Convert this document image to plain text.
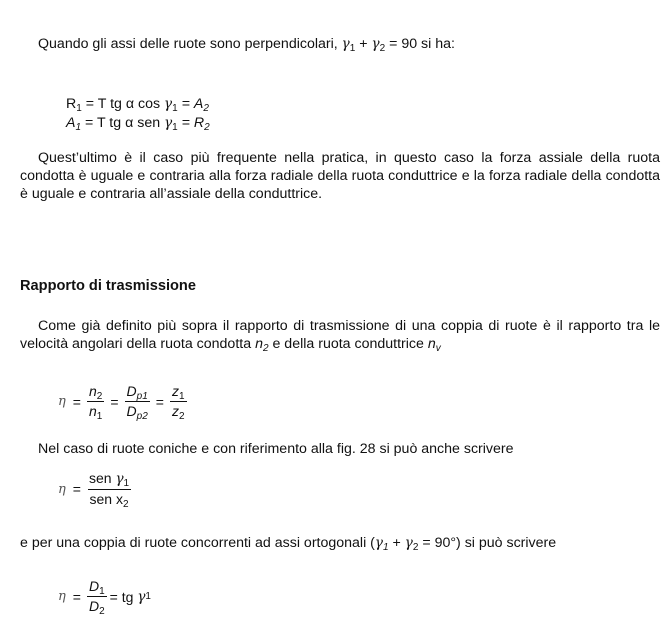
Quando gli assi delle ruote sono perpendicolari, $\gamma_1 + \gamma_2 = 90$ si ha:
$R_1 = T$ tg α $\cos \gamma_1 = A_2$
$A_1 = T$ tg α sen $\gamma_1 = R_2$
Quest’ultimo è il caso più frequente nella pratica, in questo caso la forza assiale della ruota condotta è uguale e contraria alla forza radiale della ruota conduttrice e la forza radiale della condotta è uguale e contraria all’assiale della conduttrice.
Rapporto di trasmissione
Come già definito più sopra il rapporto di trasmissione di una coppia di ruote è il rapporto tra le velocità angolari della ruota condotta $n_2$ e della ruota conduttrice $n_v$
$\eta = \frac{n_2}{n_1} = \frac{D_{p1}}{D_{p2}} = \frac{z_1}{z_2}$
Nel caso di ruote coniche e con riferimento alla fig. 28 si può anche scrivere
$\eta = \frac{sen \gamma_1}{sen x_2}$
e per una coppia di ruote concorrenti ad assi ortogonali $(\gamma_1 + \gamma_2 = 90^\circ)$ si può scrivere
$\eta = \frac{D_1}{D_2}$ = tg
γ 1
